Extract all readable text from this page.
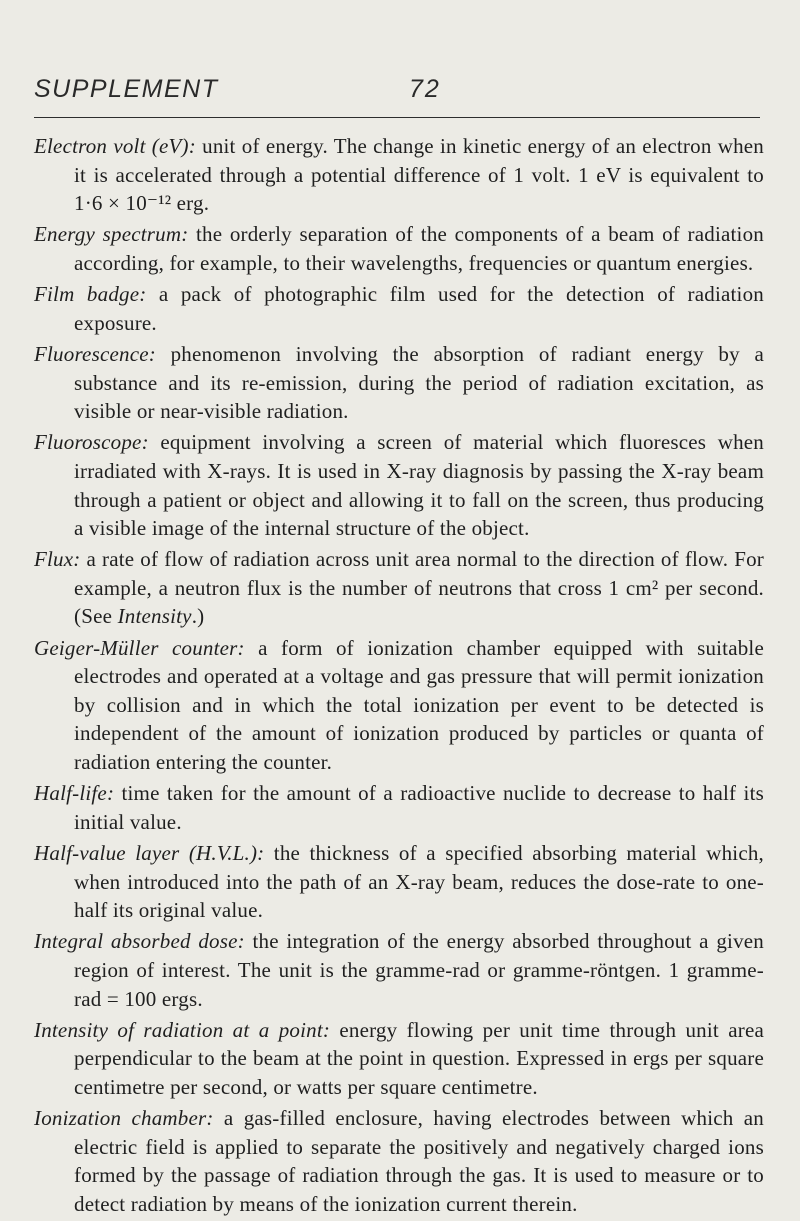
SUPPLEMENT	72

Electron volt (eV): unit of energy. The change in kinetic energy of an electron when it is accelerated through a potential difference of 1 volt. 1 eV is equivalent to 1·6 × 10⁻¹² erg.

Energy spectrum: the orderly separation of the components of a beam of radiation according, for example, to their wavelengths, frequencies or quantum energies.

Film badge: a pack of photographic film used for the detection of radiation exposure.

Fluorescence: phenomenon involving the absorption of radiant energy by a substance and its re-emission, during the period of radiation excitation, as visible or near-visible radiation.

Fluoroscope: equipment involving a screen of material which fluoresces when irradiated with X-rays. It is used in X-ray diagnosis by passing the X-ray beam through a patient or object and allowing it to fall on the screen, thus producing a visible image of the internal structure of the object.

Flux: a rate of flow of radiation across unit area normal to the direction of flow. For example, a neutron flux is the number of neutrons that cross 1 cm² per second. (See Intensity.)

Geiger-Müller counter: a form of ionization chamber equipped with suitable electrodes and operated at a voltage and gas pressure that will permit ionization by collision and in which the total ionization per event to be detected is independent of the amount of ionization produced by particles or quanta of radiation entering the counter.

Half-life: time taken for the amount of a radioactive nuclide to decrease to half its initial value.

Half-value layer (H.V.L.): the thickness of a specified absorbing material which, when introduced into the path of an X-ray beam, reduces the dose-rate to one-half its original value.

Integral absorbed dose: the integration of the energy absorbed throughout a given region of interest. The unit is the gramme-rad or gramme-röntgen. 1 gramme-rad = 100 ergs.

Intensity of radiation at a point: energy flowing per unit time through unit area perpendicular to the beam at the point in question. Expressed in ergs per square centimetre per second, or watts per square centimetre.

Ionization chamber: a gas-filled enclosure, having electrodes between which an electric field is applied to separate the positively and negatively charged ions formed by the passage of radiation through the gas. It is used to measure or to detect radiation by means of the ionization current therein.
